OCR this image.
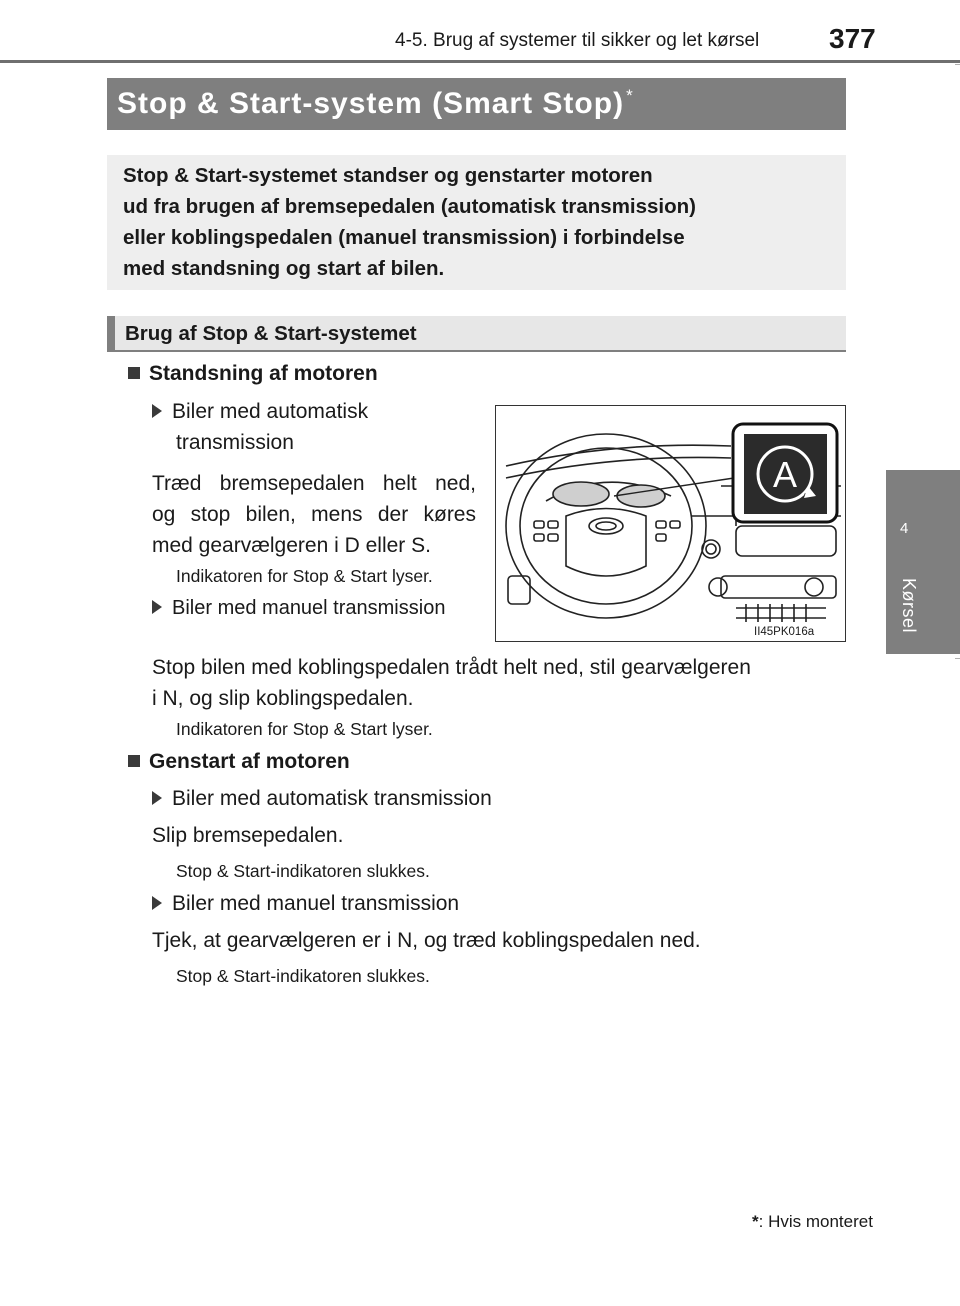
4-5. Brug af systemer til sikker og let kørsel 377
4
Kørsel
Stop & Start-system (Smart Stop) *
Stop & Start-systemet standser og genstarter motoren
ud fra brugen af bremsepedalen (automatisk transmission)
eller koblingspedalen (manuel transmission) i forbindelse
med standsning og start af bilen.
Brug af Stop & Start-systemet
Standsning af motoren
Biler med automatisk
transmission
Træd bremsepedalen helt ned,
og stop bilen, mens der køres
med gearvælgeren i D eller S.
Indikatoren for Stop & Start lyser.
Biler med manuel transmission
Stop bilen med koblingspedalen trådt helt ned, stil gearvælgeren
i N, og slip koblingspedalen.
Indikatoren for Stop & Start lyser.
A
II45PK016a
Genstart af motoren
Biler med automatisk transmission
Slip bremsepedalen.
Stop & Start-indikatoren slukkes.
Biler med manuel transmission
Tjek, at gearvælgeren er i N, og træd koblingspedalen ned.
Stop & Start-indikatoren slukkes.
*: Hvis monteret
